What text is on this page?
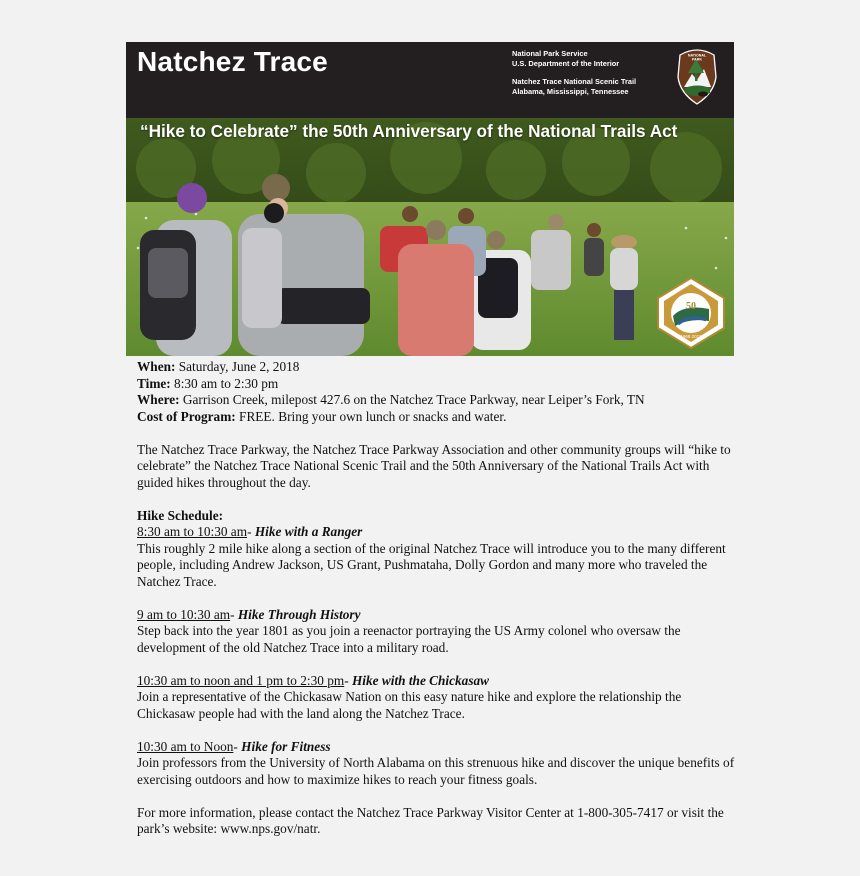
Natchez Trace	National Park Service
U.S. Department of the Interior
Natchez Trace National Scenic Trail
Alabama, Mississippi, Tennessee
NATIONAL
PARK
“Hike to Celebrate” the 50th Anniversary of the National Trails Act
50
1968 2018

When: Saturday, June 2, 2018

Time: 8:30 am to 2:30 pm

Where: Garrison Creek, milepost 427.6 on the Natchez Trace Parkway, near Leiper’s Fork, TN

Cost of Program: FREE. Bring your own lunch or snacks and water.

The Natchez Trace Parkway, the Natchez Trace Parkway Association and other community groups will “hike to celebrate” the Natchez Trace National Scenic Trail and the 50th Anniversary of the National Trails Act with guided hikes throughout the day.

Hike Schedule:

8:30 am to 10:30 am- Hike with a Ranger

This roughly 2 mile hike along a section of the original Natchez Trace will introduce you to the many different people, including Andrew Jackson, US Grant, Pushmataha, Dolly Gordon and many more who traveled the Natchez Trace.

9 am to 10:30 am- Hike Through History

Step back into the year 1801 as you join a reenactor portraying the US Army colonel who oversaw the development of the old Natchez Trace into a military road.

10:30 am to noon and 1 pm to 2:30 pm- Hike with the Chickasaw

Join a representative of the Chickasaw Nation on this easy nature hike and explore the relationship the Chickasaw people had with the land along the Natchez Trace.

10:30 am to Noon- Hike for Fitness

Join professors from the University of North Alabama on this strenuous hike and discover the unique benefits of exercising outdoors and how to maximize hikes to reach your fitness goals.

For more information, please contact the Natchez Trace Parkway Visitor Center at 1-800-305-7417 or visit the park’s website: www.nps.gov/natr.
